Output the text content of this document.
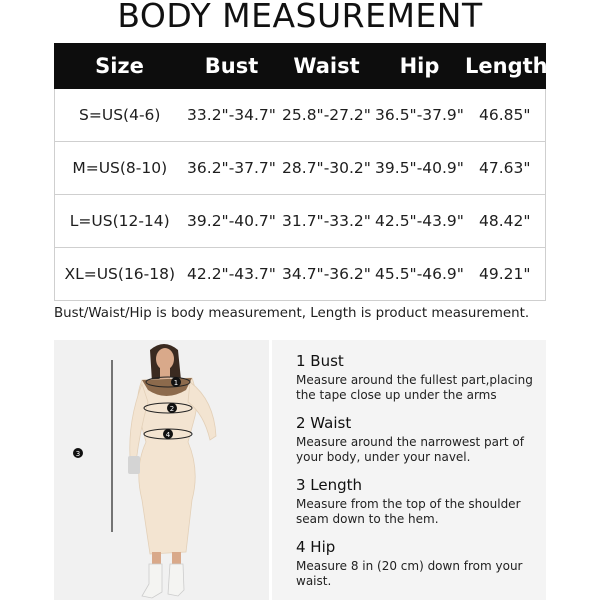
BODY MEASUREMENT
Size	Bust	Waist	Hip	Length
S=US(4-6)	33.2"-34.7"	25.8"-27.2"	36.5"-37.9"	46.85"
M=US(8-10)	36.2"-37.7"	28.7"-30.2"	39.5"-40.9"	47.63"
L=US(12-14)	39.2"-40.7"	31.7"-33.2"	42.5"-43.9"	48.42"
XL=US(16-18)	42.2"-43.7"	34.7"-36.2"	45.5"-46.9"	49.21"
Bust/Waist/Hip is body measurement, Length is product measurement.
1
2
3
4
1 Bust
Measure around the fullest part,placing the tape close up under the arms
2 Waist
Measure around the narrowest part of your body, under your navel.
3 Length
Measure from the top of the shoulder seam down to the hem.
4 Hip
Measure 8 in (20 cm) down from your waist.
